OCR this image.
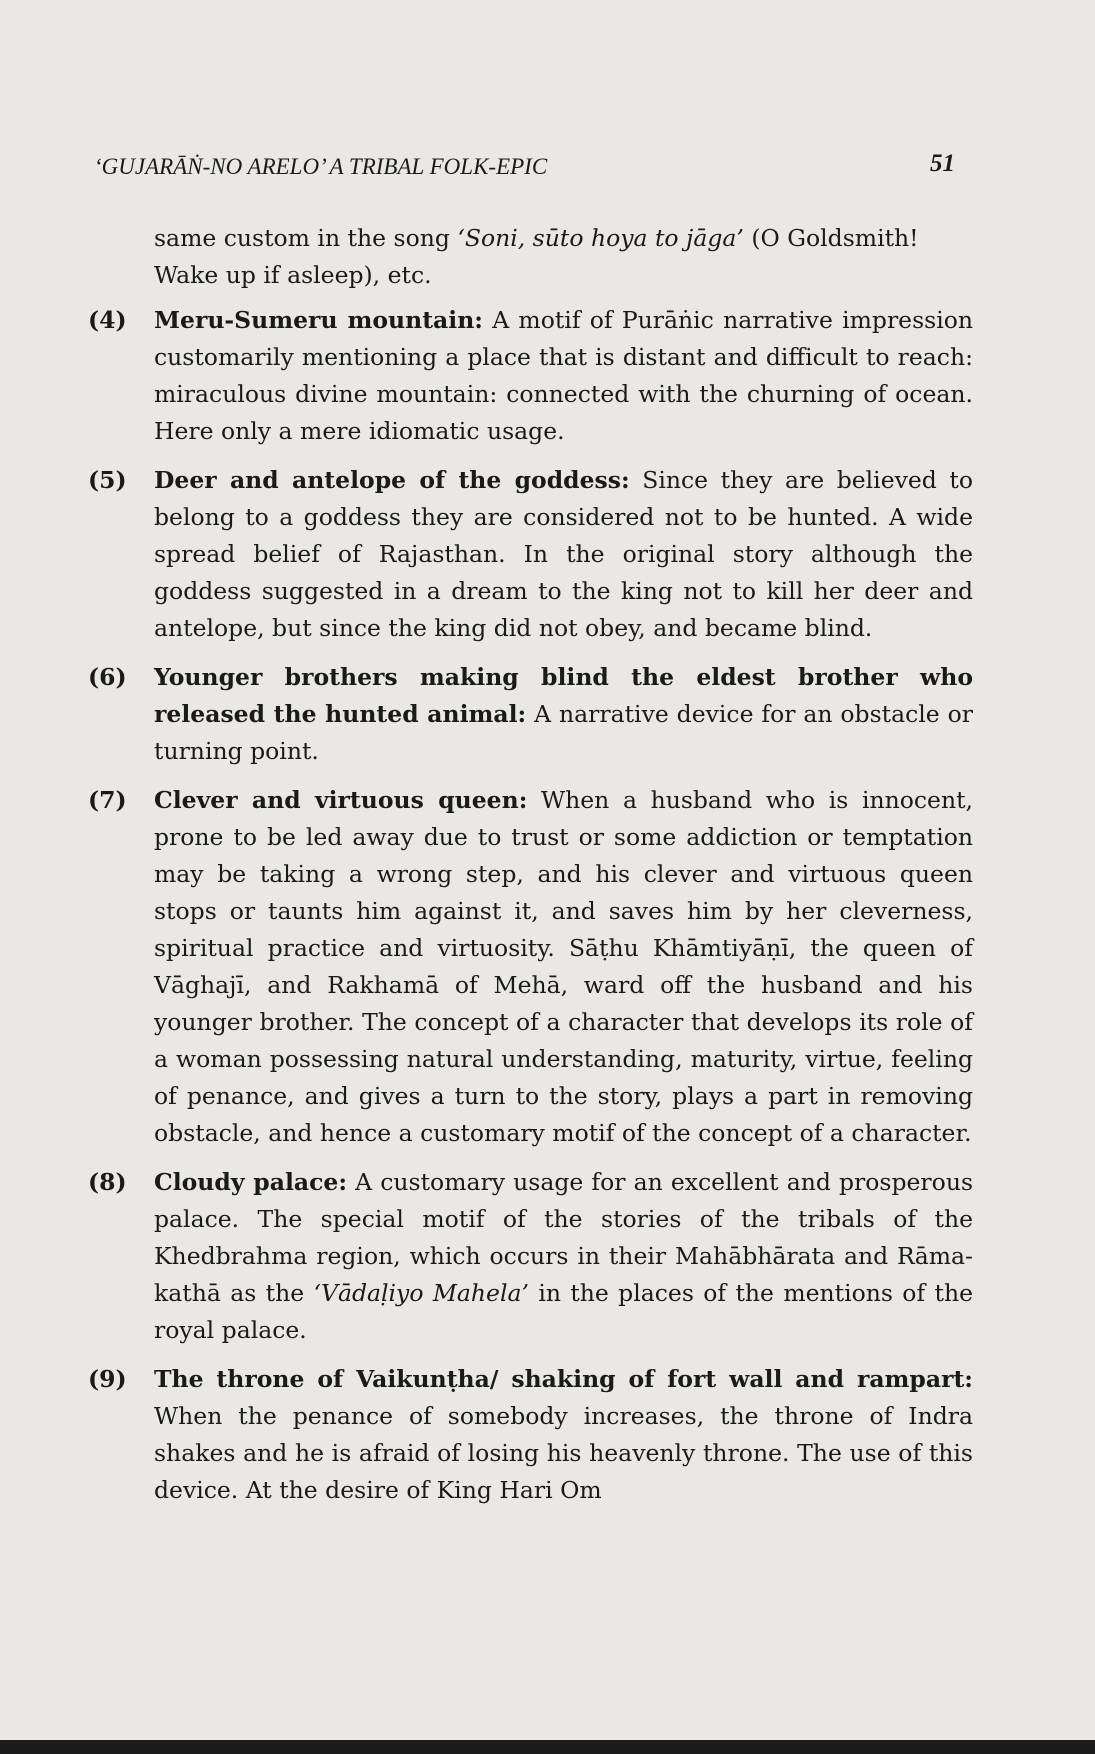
‘GUJARĀṄ-NO ARELO’ A TRIBAL FOLK-EPIC	51
same custom in the song ‘Soni, sūto hoya to jāga’ (O Goldsmith! Wake up if asleep), etc.
(4)	Meru-Sumeru mountain: A motif of Purāṅic narrative impression customarily mentioning a place that is distant and difficult to reach: miraculous divine mountain: connected with the churning of ocean. Here only a mere idiomatic usage.
(5)	Deer and antelope of the goddess: Since they are believed to belong to a goddess they are considered not to be hunted. A wide spread belief of Rajasthan. In the original story although the goddess suggested in a dream to the king not to kill her deer and antelope, but since the king did not obey, and became blind.
(6)	Younger brothers making blind the eldest brother who released the hunted animal: A narrative device for an obstacle or turning point.
(7)	Clever and virtuous queen: When a husband who is innocent, prone to be led away due to trust or some addiction or temptation may be taking a wrong step, and his clever and virtuous queen stops or taunts him against it, and saves him by her cleverness, spiritual practice and virtuosity. Sāṭhu Khāmtiyāṇī, the queen of Vāghajī, and Rakhamā of Mehā, ward off the husband and his younger brother. The concept of a character that develops its role of a woman possessing natural understanding, maturity, virtue, feeling of penance, and gives a turn to the story, plays a part in removing obstacle, and hence a customary motif of the concept of a character.
(8)	Cloudy palace: A customary usage for an excellent and prosperous palace. The special motif of the stories of the tribals of the Khedbrahma region, which occurs in their Mahābhārata and Rāma-kathā as the ‘Vādaḷiyo Mahela’ in the places of the mentions of the royal palace.
(9)	The throne of Vaikunṭha/ shaking of fort wall and rampart: When the penance of somebody increases, the throne of Indra shakes and he is afraid of losing his heavenly throne. The use of this device. At the desire of King Hari Om
